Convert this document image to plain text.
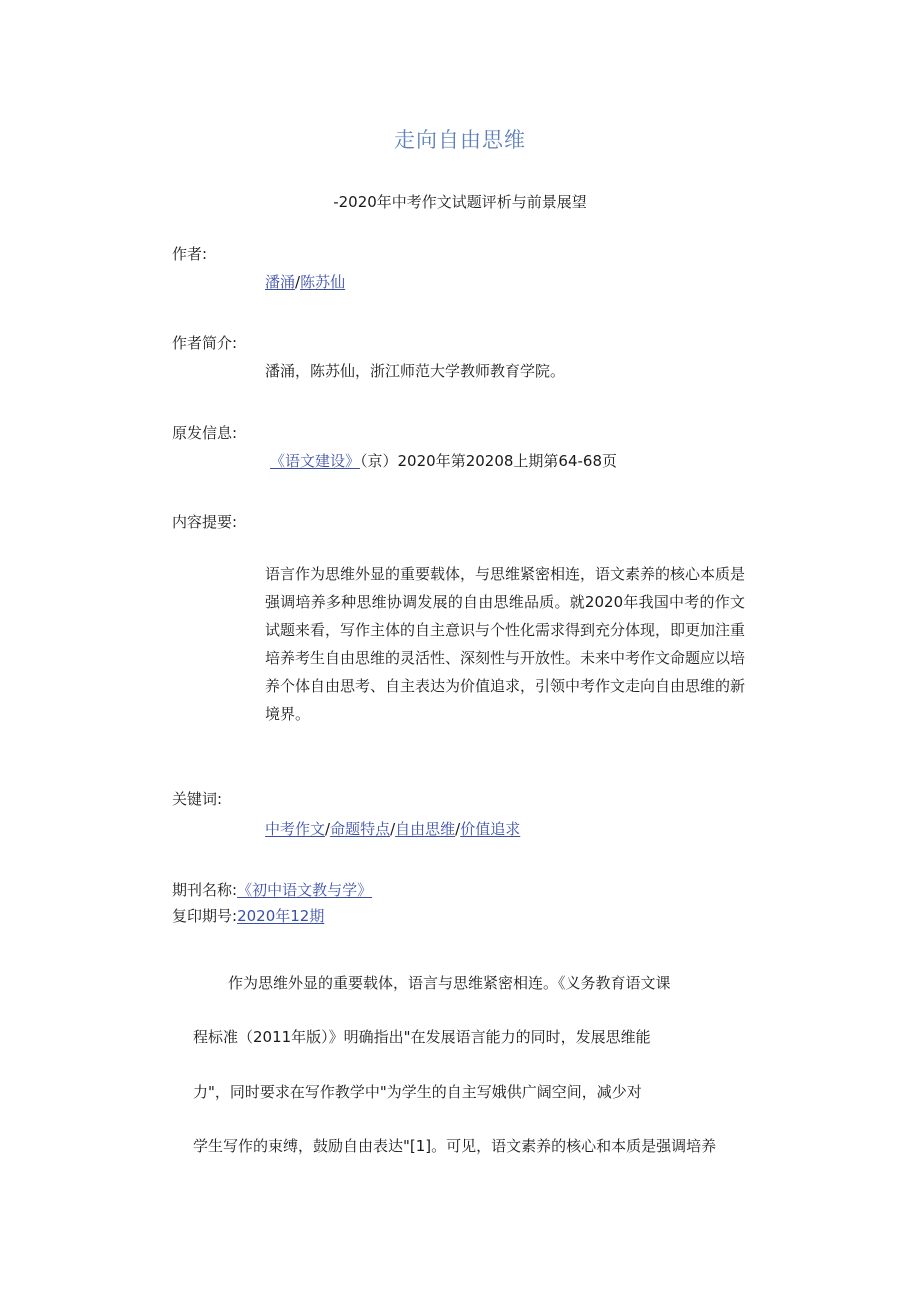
走向自由思维
-2020年中考作文试题评析与前景展望
作者:
潘涌/陈苏仙
作者简介:
潘涌，陈苏仙，浙江师范大学教师教育学院。
原发信息:
《语文建设》（京）2020年第20208上期第64-68页
内容提要:
语言作为思维外显的重要载体，与思维紧密相连，语文素养的核心本质是强调培养多种思维协调发展的自由思维品质。就2020年我国中考的作文试题来看，写作主体的自主意识与个性化需求得到充分体现，即更加注重培养考生自由思维的灵活性、深刻性与开放性。未来中考作文命题应以培养个体自由思考、自主表达为价值追求，引领中考作文走向自由思维的新境界。
关键词:
中考作文/命题特点/自由思维/价值追求
期刊名称:《初中语文教与学》
复印期号:2020年12期
作为思维外显的重要载体，语言与思维紧密相连。《义务教育语文课
程标准（2011年版）》明确指出"在发展语言能力的同时，发展思维能
力"，同时要求在写作教学中"为学生的自主写娥供广阔空间，减少对
学生写作的束缚，鼓励自由表达"[1]。可见，语文素养的核心和本质是强调培养
